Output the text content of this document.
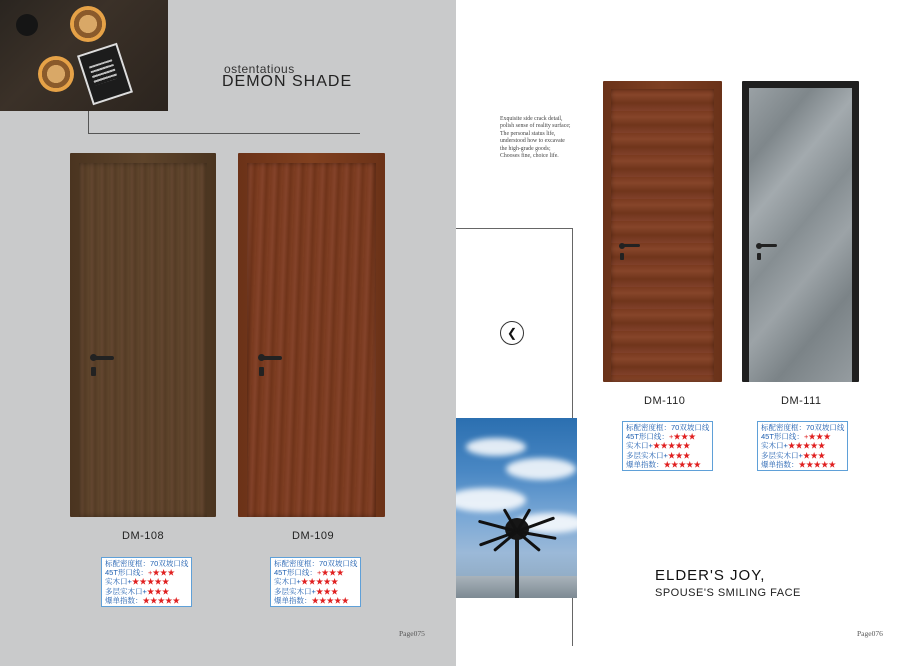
ostentatious
DEMON SHADE
DM-108	DM-109
标配密度框：70双坡口线
45T形口线：+★★★
实木口+★★★★★
多层实木口+★★★
爆单指数：★★★★★
标配密度框：70双坡口线
45T形口线：+★★★
实木口+★★★★★
多层实木口+★★★
爆单指数：★★★★★
Page075
Exquisite side crack detail,
polish sense of reality surface;
The personal status life,
understood how to excavate
the high-grade goods;
Chooses fine, choice life.
❮
DM-110	DM-111
标配密度框：70双坡口线
45T形口线：+★★★
实木口+★★★★★
多层实木口+★★★
爆单指数：★★★★★
标配密度框：70双坡口线
45T形口线：+★★★
实木口+★★★★★
多层实木口+★★★
爆单指数：★★★★★
ELDER'S JOY,
SPOUSE'S SMILING FACE
Page076
